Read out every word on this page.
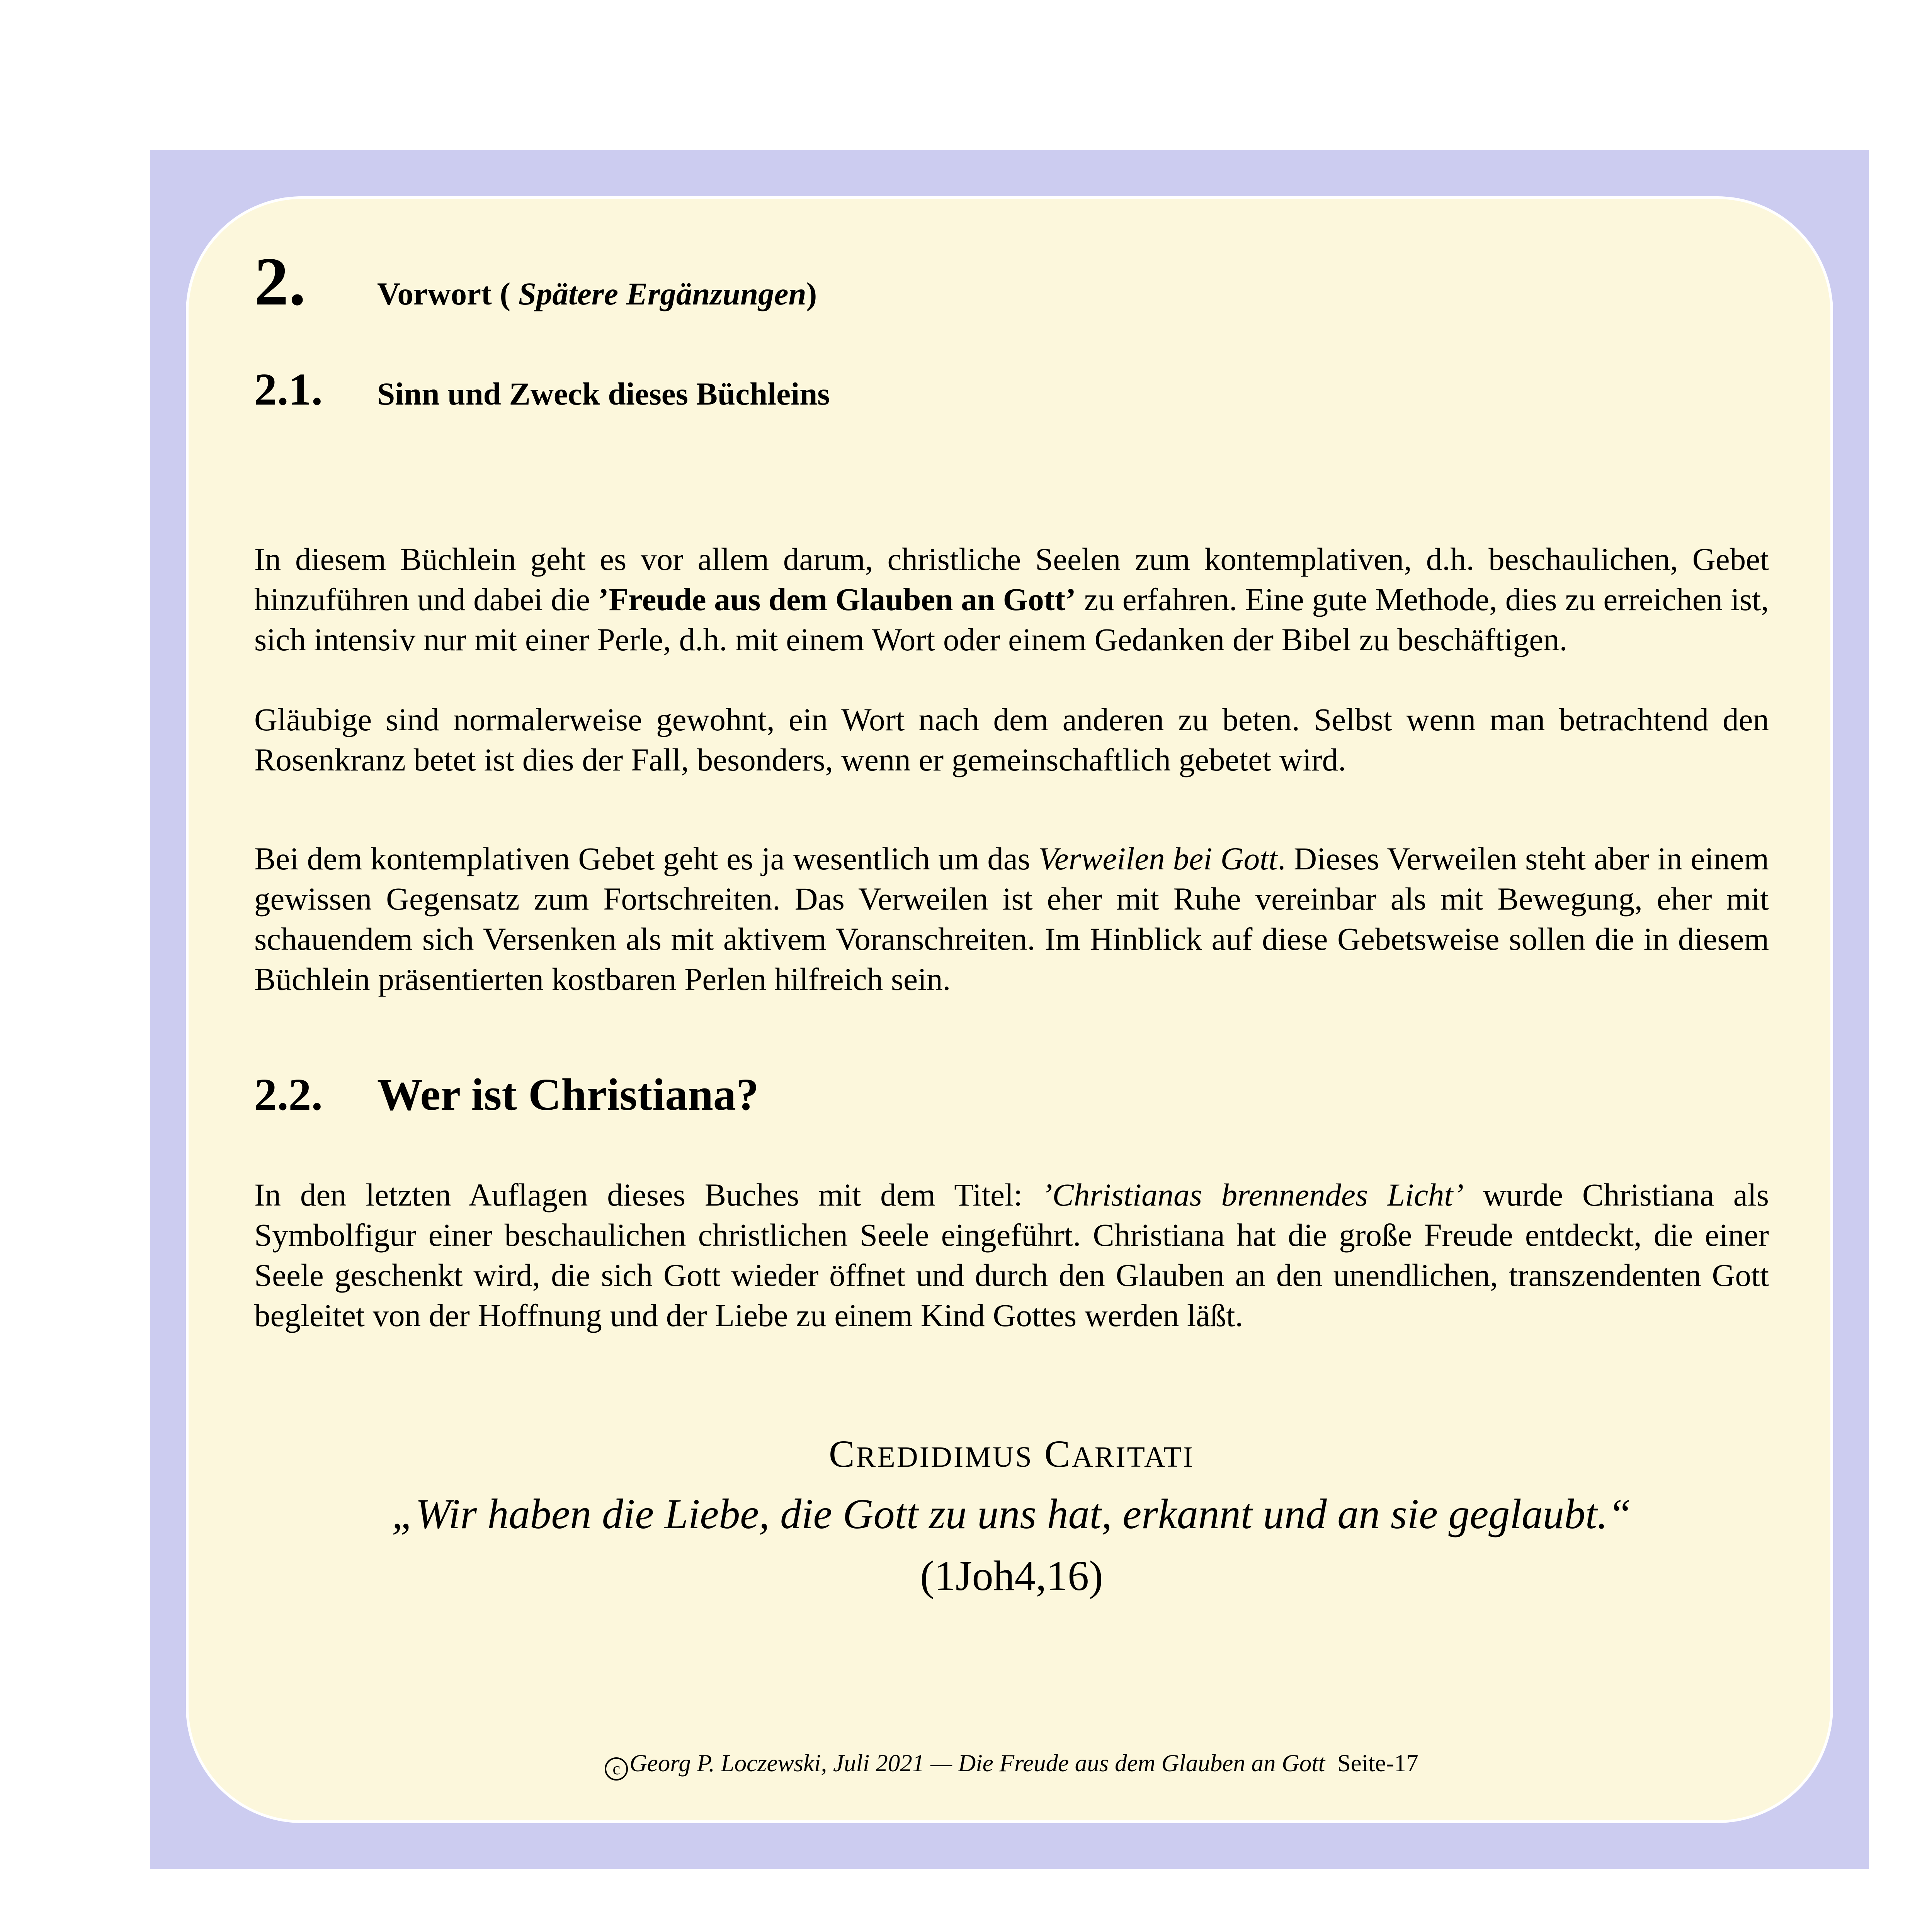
2. Vorwort ( Spätere Ergänzungen)
2.1. Sinn und Zweck dieses Büchleins

In diesem Büchlein geht es vor allem darum, christliche Seelen zum kontemplativen, d.h. beschaulichen, Gebet hinzuführen und dabei die ’Freude aus dem Glauben an Gott’ zu erfahren. Eine gute Methode, dies zu erreichen ist, sich intensiv nur mit einer Perle, d.h. mit einem Wort oder einem Gedanken der Bibel zu beschäftigen.

Gläubige sind normalerweise gewohnt, ein Wort nach dem anderen zu beten. Selbst wenn man betrachtend den Rosenkranz betet ist dies der Fall, besonders, wenn er gemeinschaftlich gebetet wird.

Bei dem kontemplativen Gebet geht es ja wesentlich um das Verweilen bei Gott. Dieses Verweilen steht aber in einem gewissen Gegensatz zum Fortschreiten. Das Verweilen ist eher mit Ruhe vereinbar als mit Bewegung, eher mit schauendem sich Versenken als mit aktivem Voranschreiten. Im Hinblick auf diese Gebetsweise sollen die in diesem Büchlein präsentierten kostbaren Perlen hilfreich sein.

2.2. Wer ist Christiana?

In den letzten Auflagen dieses Buches mit dem Titel: ’Christianas brennendes Licht’ wurde Christiana als Symbolfigur einer beschaulichen christlichen Seele eingeführt. Christiana hat die große Freude entdeckt, die einer Seele geschenkt wird, die sich Gott wieder öffnet und durch den Glauben an den unendlichen, transzendenten Gott begleitet von der Hoffnung und der Liebe zu einem Kind Gottes werden läßt.

CREDIDIMUS CARITATI
„Wir haben die Liebe, die Gott zu uns hat, erkannt und an sie geglaubt.“
(1Joh4,16)
c Georg P. Loczewski, Juli 2021 — Die Freude aus dem Glauben an Gott Seite-17
